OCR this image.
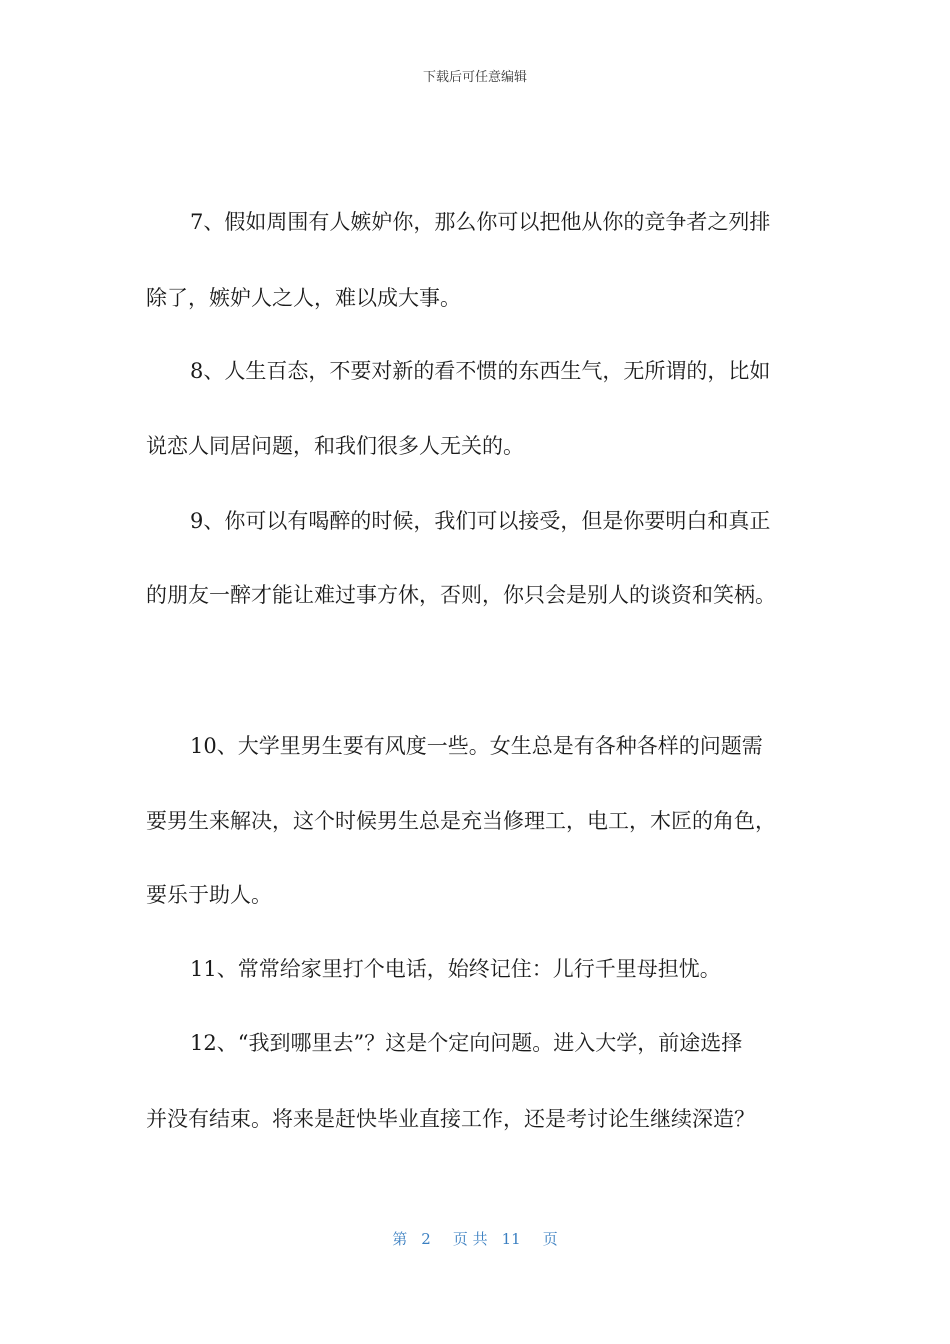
下载后可任意编辑
7、假如周围有人嫉妒你，那么你可以把他从你的竞争者之列排
除了，嫉妒人之人，难以成大事。
8、人生百态，不要对新的看不惯的东西生气，无所谓的，比如
说恋人同居问题，和我们很多人无关的。
9、你可以有喝醉的时候，我们可以接受，但是你要明白和真正
的朋友一醉才能让难过事方休，否则，你只会是别人的谈资和笑柄。
10、大学里男生要有风度一些。女生总是有各种各样的问题需
要男生来解决，这个时候男生总是充当修理工，电工，木匠的角色，
要乐于助人。
11、常常给家里打个电话，始终记住：儿行千里母担忧。
12、“我到哪里去”？这是个定向问题。进入大学，前途选择
并没有结束。将来是赶快毕业直接工作，还是考讨论生继续深造？
第 2 页 共 11 页
